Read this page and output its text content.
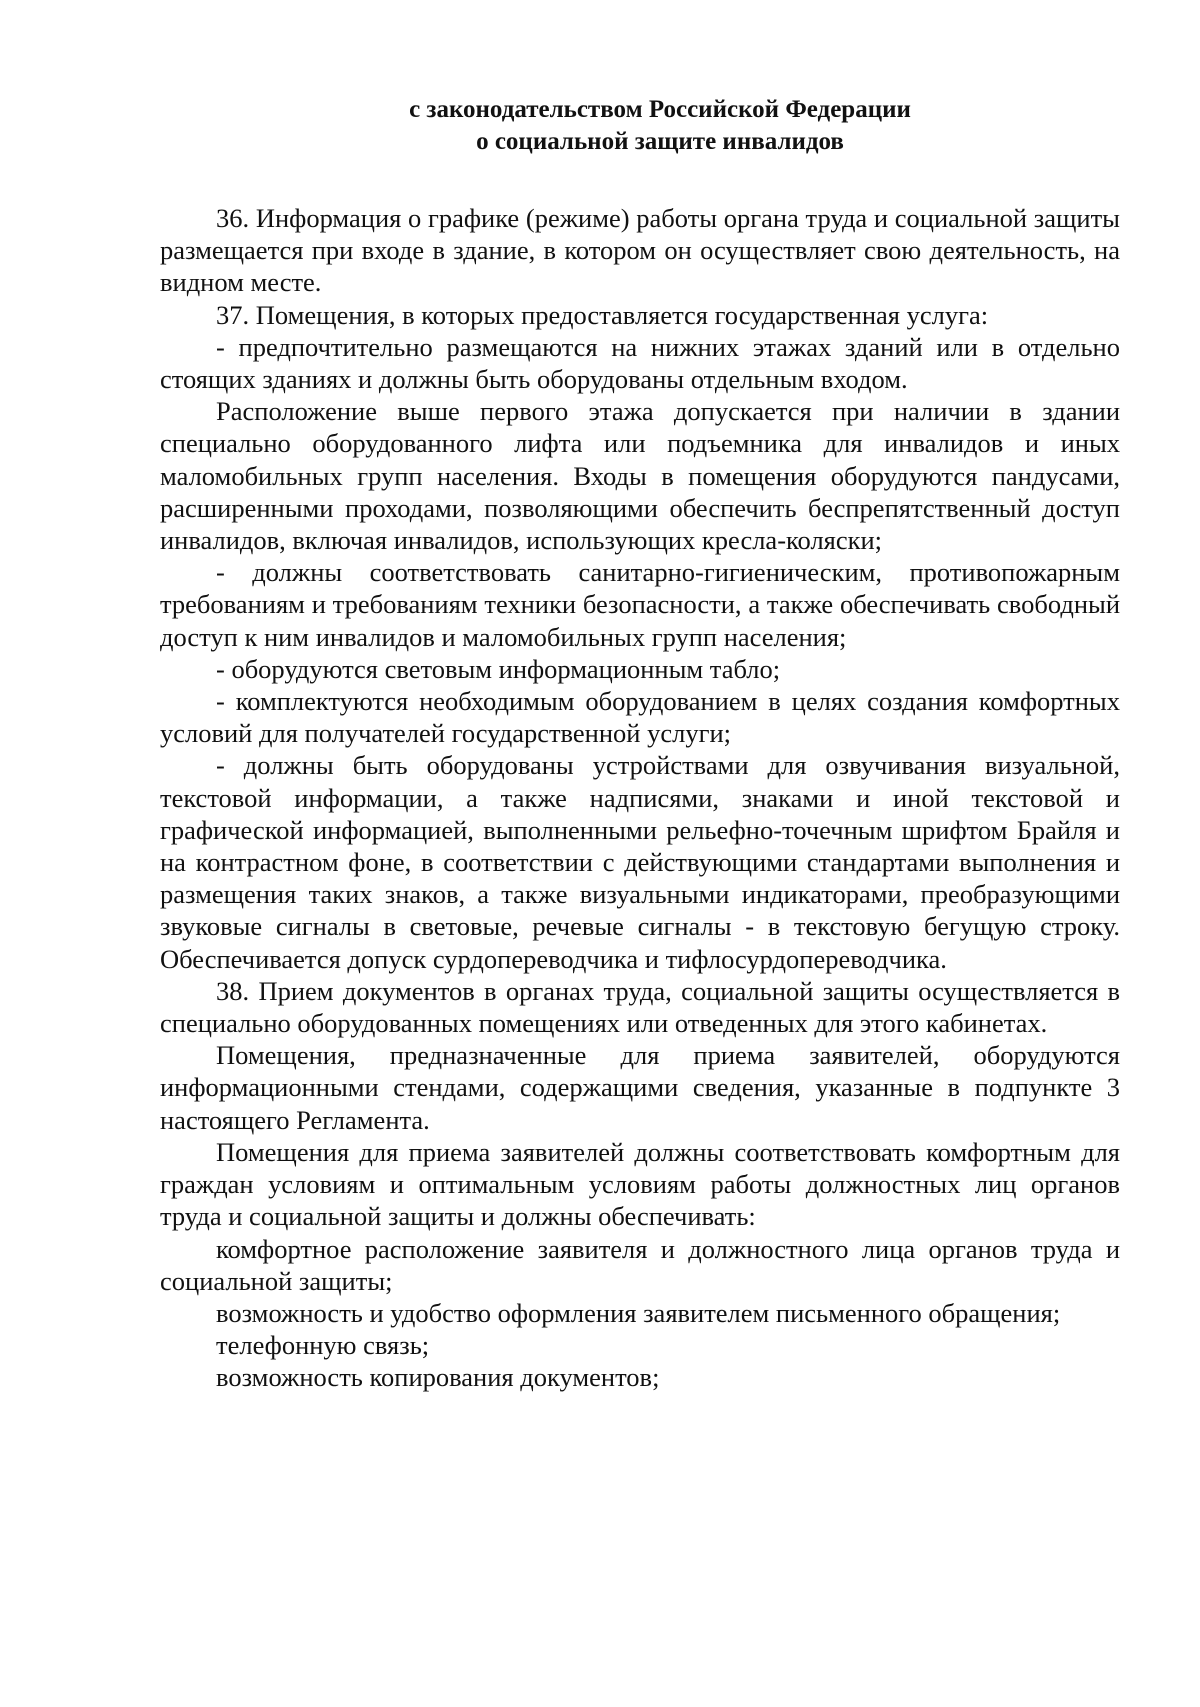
с законодательством Российской Федерации
о социальной защите инвалидов

36. Информация о графике (режиме) работы органа труда и социальной защиты размещается при входе в здание, в котором он осуществляет свою деятельность, на видном месте.

37. Помещения, в которых предоставляется государственная услуга:

- предпочтительно размещаются на нижних этажах зданий или в отдельно стоящих зданиях и должны быть оборудованы отдельным входом.

Расположение выше первого этажа допускается при наличии в здании специально оборудованного лифта или подъемника для инвалидов и иных маломобильных групп населения. Входы в помещения оборудуются пандусами, расширенными проходами, позволяющими обеспечить беспрепятственный доступ инвалидов, включая инвалидов, использующих кресла-коляски;

- должны соответствовать санитарно-гигиеническим, противопожарным требованиям и требованиям техники безопасности, а также обеспечивать свободный доступ к ним инвалидов и маломобильных групп населения;

- оборудуются световым информационным табло;

- комплектуются необходимым оборудованием в целях создания комфортных условий для получателей государственной услуги;

- должны быть оборудованы устройствами для озвучивания визуальной, текстовой информации, а также надписями, знаками и иной текстовой и графической информацией, выполненными рельефно-точечным шрифтом Брайля и на контрастном фоне, в соответствии с действующими стандартами выполнения и размещения таких знаков, а также визуальными индикаторами, преобразующими звуковые сигналы в световые, речевые сигналы - в текстовую бегущую строку. Обеспечивается допуск сурдопереводчика и тифлосурдопереводчика.

38. Прием документов в органах труда, социальной защиты осуществляется в специально оборудованных помещениях или отведенных для этого кабинетах.

Помещения, предназначенные для приема заявителей, оборудуются информационными стендами, содержащими сведения, указанные в подпункте 3 настоящего Регламента.

Помещения для приема заявителей должны соответствовать комфортным для граждан условиям и оптимальным условиям работы должностных лиц органов труда и социальной защиты и должны обеспечивать:

комфортное расположение заявителя и должностного лица органов труда и социальной защиты;

возможность и удобство оформления заявителем письменного обращения;

телефонную связь;

возможность копирования документов;
